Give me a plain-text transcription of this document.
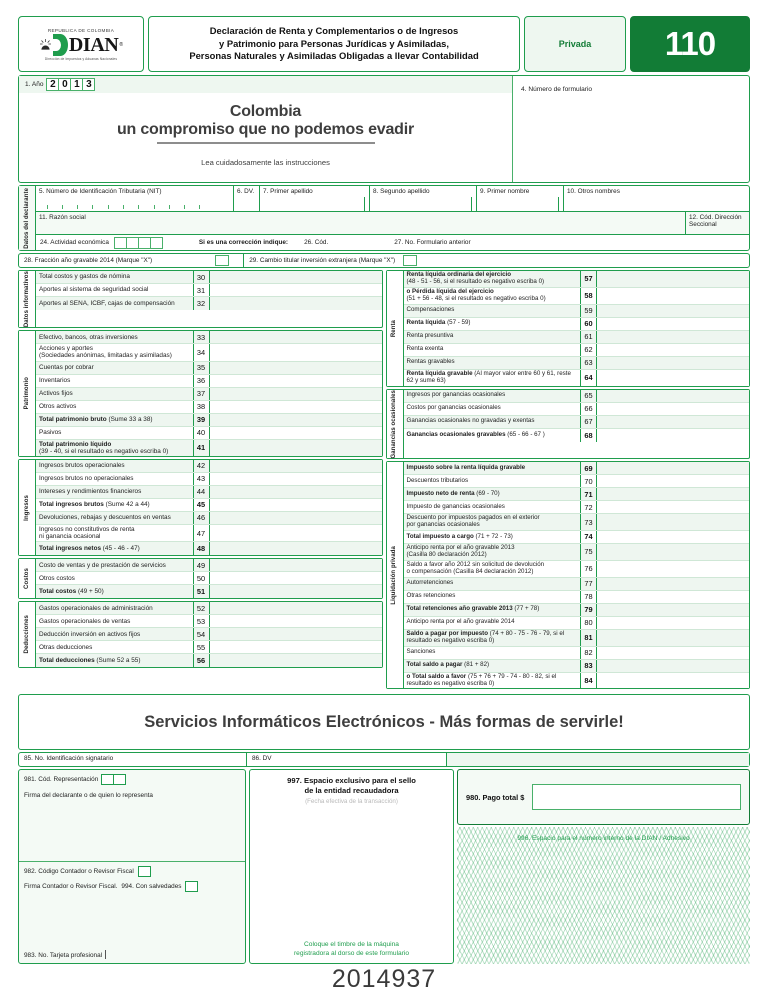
REPUBLICA DE COLOMBIA
DIAN ®
Dirección de Impuestos y Aduanas Nacionales
Declaración de Renta y Complementarios o de Ingresos
y Patrimonio para Personas Jurídicas y Asimiladas,
Personas Naturales y Asimiladas Obligadas a llevar Contabilidad
Privada	110
1. Año 2 0 1 3
Colombia
un compromiso que no podemos evadir
Lea cuidadosamente las instrucciones
4. Número de formulario
Datos del declarante 5. Número de Identificación Tributaria (NIT)	6. DV. 7. Primer apellido	8. Segundo apellido	9. Primer nombre	10. Otros nombres
11. Razón social	12. Cód. Dirección Seccional
24. Actividad económica	Si es una corrección indique:	26. Cód.	27. No. Formulario anterior
28. Fracción año gravable 2014 (Marque "X")	29. Cambio titular inversión extranjera (Marque "X")
Datos informativos Total costos y gastos de nómina	30
Aportes al sistema de seguridad social	31
Aportes al SENA, ICBF, cajas de compensación	32
Patrimonio
Efectivo, bancos, otras inversiones	33
Acciones y aportes
(Sociedades anónimas, limitadas y asimiladas)	34
Cuentas por cobrar	35
Inventarios	36
Activos fijos	37
Otros activos	38
Total patrimonio bruto (Sume 33 a 38)	39
Pasivos	40
Total patrimonio líquido
(39 - 40, si el resultado es negativo escriba 0)	41
Ingresos
Ingresos brutos operacionales	42
Ingresos brutos no operacionales	43
Intereses y rendimientos financieros	44
Total ingresos brutos (Sume 42 a 44)	45
Devoluciones, rebajas y descuentos en ventas	46
Ingresos no constitutivos de renta
ni ganancia ocasional	47
Total ingresos netos (45 - 46 - 47)	48
Costos
Costo de ventas y de prestación de servicios	49
Otros costos	50
Total costos (49 + 50)	51
Deducciones
Gastos operacionales de administración	52
Gastos operacionales de ventas	53
Deducción inversión en activos fijos	54
Otras deducciones	55
Total deducciones (Sume 52 a 55)	56
Renta
Renta líquida ordinaria del ejercicio
(48 - 51 - 56, si el resultado es negativo escriba 0)	57
o Pérdida líquida del ejercicio
(51 + 56 - 48, si el resultado es negativo escriba 0)	58
Compensaciones	59
Renta líquida (57 - 59)	60
Renta presuntiva	61
Renta exenta	62
Rentas gravables	63
Renta líquida gravable (Al mayor valor entre 60 y 61, reste 62 y sume 63)	64
Ganancias ocasionales Ingresos por ganancias ocasionales	65
Costos por ganancias ocasionales	66
Ganancias ocasionales no gravadas y exentas	67
Ganancias ocasionales gravables (65 - 66 - 67 )	68
Liquidación privada
Impuesto sobre la renta líquida gravable	69
Descuentos tributarios	70
Impuesto neto de renta (69 - 70)	71
Impuesto de ganancias ocasionales	72
Descuento por impuestos pagados en el exterior
por ganancias ocasionales	73
Total impuesto a cargo (71 + 72 - 73)	74
Anticipo renta por el año gravable 2013
(Casilla 80 declaración 2012)	75
Saldo a favor año 2012 sin solicitud de devolución
o compensación (Casilla 84 declaración 2012)	76
Autorretenciones	77
Otras retenciones	78
Total retenciones año gravable 2013 (77 + 78)	79
Anticipo renta por el año gravable 2014	80
Saldo a pagar por impuesto (74 + 80 - 75 - 76 - 79, si el resultado es negativo escriba 0)	81
Sanciones	82
Total saldo a pagar (81 + 82)	83
o Total saldo a favor (75 + 76 + 79 - 74 - 80 - 82, si el resultado es negativo escriba 0)	84
Servicios Informáticos Electrónicos - Más formas de servirle!
85. No. Identificación signatario	86. DV
981. Cód. Representación
Firma del declarante o de quien lo representa
982. Código Contador o Revisor Fiscal
Firma Contador o Revisor Fiscal. 994. Con salvedades
983. No. Tarjeta profesional
997. Espacio exclusivo para el sello
de la entidad recaudadora
(Fecha efectiva de la transacción)
Coloque el timbre de la máquina
registradora al dorso de este formulario
980. Pago total $
996. Espacio para el número interno de la DIAN / Adhesivo
2014937
